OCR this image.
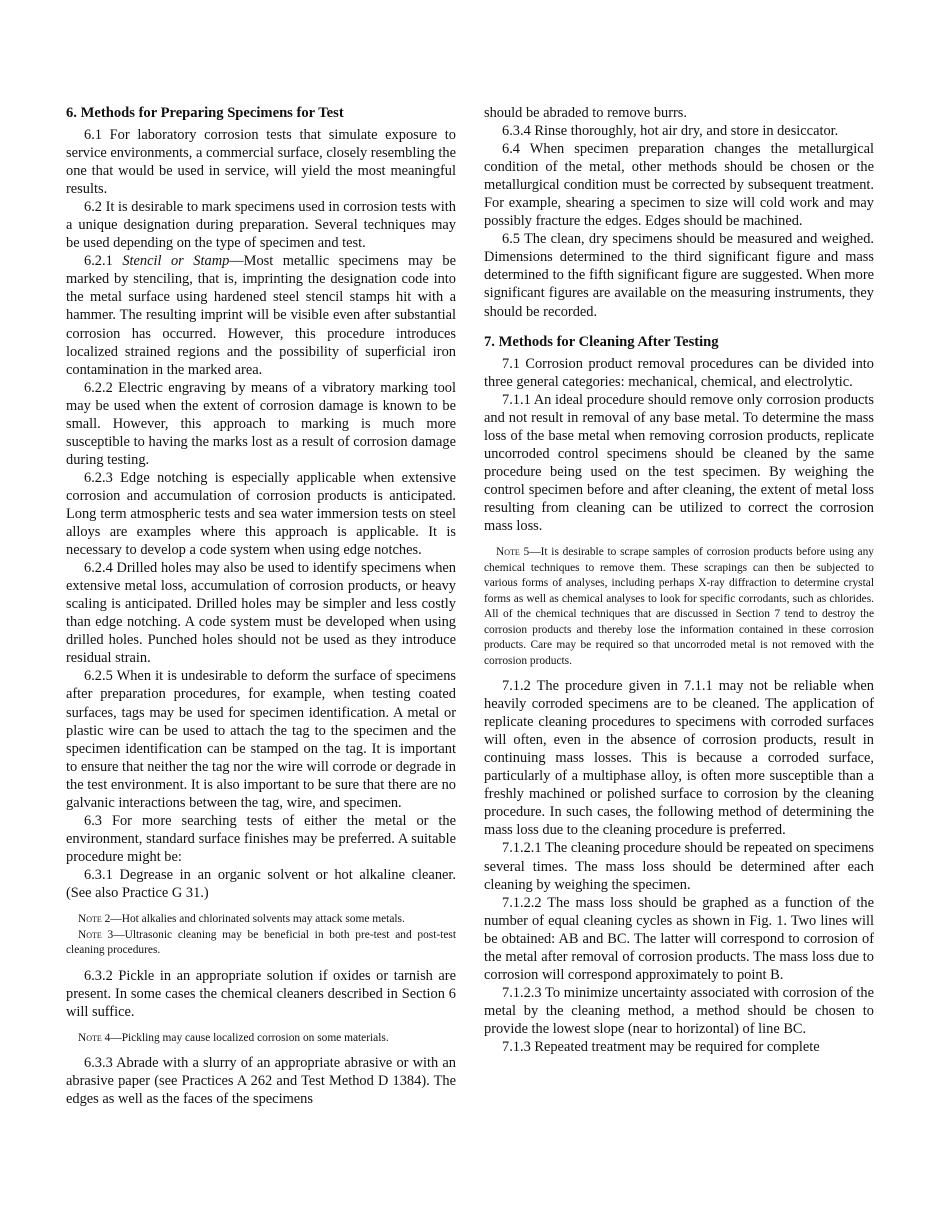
6. Methods for Preparing Specimens for Test

6.1 For laboratory corrosion tests that simulate exposure to service environments, a commercial surface, closely resembling the one that would be used in service, will yield the most meaningful results.

6.2 It is desirable to mark specimens used in corrosion tests with a unique designation during preparation. Several techniques may be used depending on the type of specimen and test.

6.2.1 Stencil or Stamp—Most metallic specimens may be marked by stenciling, that is, imprinting the designation code into the metal surface using hardened steel stencil stamps hit with a hammer. The resulting imprint will be visible even after substantial corrosion has occurred. However, this procedure introduces localized strained regions and the possibility of superficial iron contamination in the marked area.

6.2.2 Electric engraving by means of a vibratory marking tool may be used when the extent of corrosion damage is known to be small. However, this approach to marking is much more susceptible to having the marks lost as a result of corrosion damage during testing.

6.2.3 Edge notching is especially applicable when extensive corrosion and accumulation of corrosion products is anticipated. Long term atmospheric tests and sea water immersion tests on steel alloys are examples where this approach is applicable. It is necessary to develop a code system when using edge notches.

6.2.4 Drilled holes may also be used to identify specimens when extensive metal loss, accumulation of corrosion products, or heavy scaling is anticipated. Drilled holes may be simpler and less costly than edge notching. A code system must be developed when using drilled holes. Punched holes should not be used as they introduce residual strain.

6.2.5 When it is undesirable to deform the surface of specimens after preparation procedures, for example, when testing coated surfaces, tags may be used for specimen identification. A metal or plastic wire can be used to attach the tag to the specimen and the specimen identification can be stamped on the tag. It is important to ensure that neither the tag nor the wire will corrode or degrade in the test environment. It is also important to be sure that there are no galvanic interactions between the tag, wire, and specimen.

6.3 For more searching tests of either the metal or the environment, standard surface finishes may be preferred. A suitable procedure might be:

6.3.1 Degrease in an organic solvent or hot alkaline cleaner. (See also Practice G 31.)

Note 2—Hot alkalies and chlorinated solvents may attack some metals.

Note 3—Ultrasonic cleaning may be beneficial in both pre-test and post-test cleaning procedures.

6.3.2 Pickle in an appropriate solution if oxides or tarnish are present. In some cases the chemical cleaners described in Section 6 will suffice.

Note 4—Pickling may cause localized corrosion on some materials.

6.3.3 Abrade with a slurry of an appropriate abrasive or with an abrasive paper (see Practices A 262 and Test Method D 1384). The edges as well as the faces of the specimens

should be abraded to remove burrs.

6.3.4 Rinse thoroughly, hot air dry, and store in desiccator.

6.4 When specimen preparation changes the metallurgical condition of the metal, other methods should be chosen or the metallurgical condition must be corrected by subsequent treatment. For example, shearing a specimen to size will cold work and may possibly fracture the edges. Edges should be machined.

6.5 The clean, dry specimens should be measured and weighed. Dimensions determined to the third significant figure and mass determined to the fifth significant figure are suggested. When more significant figures are available on the measuring instruments, they should be recorded.

7. Methods for Cleaning After Testing

7.1 Corrosion product removal procedures can be divided into three general categories: mechanical, chemical, and electrolytic.

7.1.1 An ideal procedure should remove only corrosion products and not result in removal of any base metal. To determine the mass loss of the base metal when removing corrosion products, replicate uncorroded control specimens should be cleaned by the same procedure being used on the test specimen. By weighing the control specimen before and after cleaning, the extent of metal loss resulting from cleaning can be utilized to correct the corrosion mass loss.

Note 5—It is desirable to scrape samples of corrosion products before using any chemical techniques to remove them. These scrapings can then be subjected to various forms of analyses, including perhaps X-ray diffraction to determine crystal forms as well as chemical analyses to look for specific corrodants, such as chlorides. All of the chemical techniques that are discussed in Section 7 tend to destroy the corrosion products and thereby lose the information contained in these corrosion products. Care may be required so that uncorroded metal is not removed with the corrosion products.

7.1.2 The procedure given in 7.1.1 may not be reliable when heavily corroded specimens are to be cleaned. The application of replicate cleaning procedures to specimens with corroded surfaces will often, even in the absence of corrosion products, result in continuing mass losses. This is because a corroded surface, particularly of a multiphase alloy, is often more susceptible than a freshly machined or polished surface to corrosion by the cleaning procedure. In such cases, the following method of determining the mass loss due to the cleaning procedure is preferred.

7.1.2.1 The cleaning procedure should be repeated on specimens several times. The mass loss should be determined after each cleaning by weighing the specimen.

7.1.2.2 The mass loss should be graphed as a function of the number of equal cleaning cycles as shown in Fig. 1. Two lines will be obtained: AB and BC. The latter will correspond to corrosion of the metal after removal of corrosion products. The mass loss due to corrosion will correspond approximately to point B.

7.1.2.3 To minimize uncertainty associated with corrosion of the metal by the cleaning method, a method should be chosen to provide the lowest slope (near to horizontal) of line BC.

7.1.3 Repeated treatment may be required for complete
